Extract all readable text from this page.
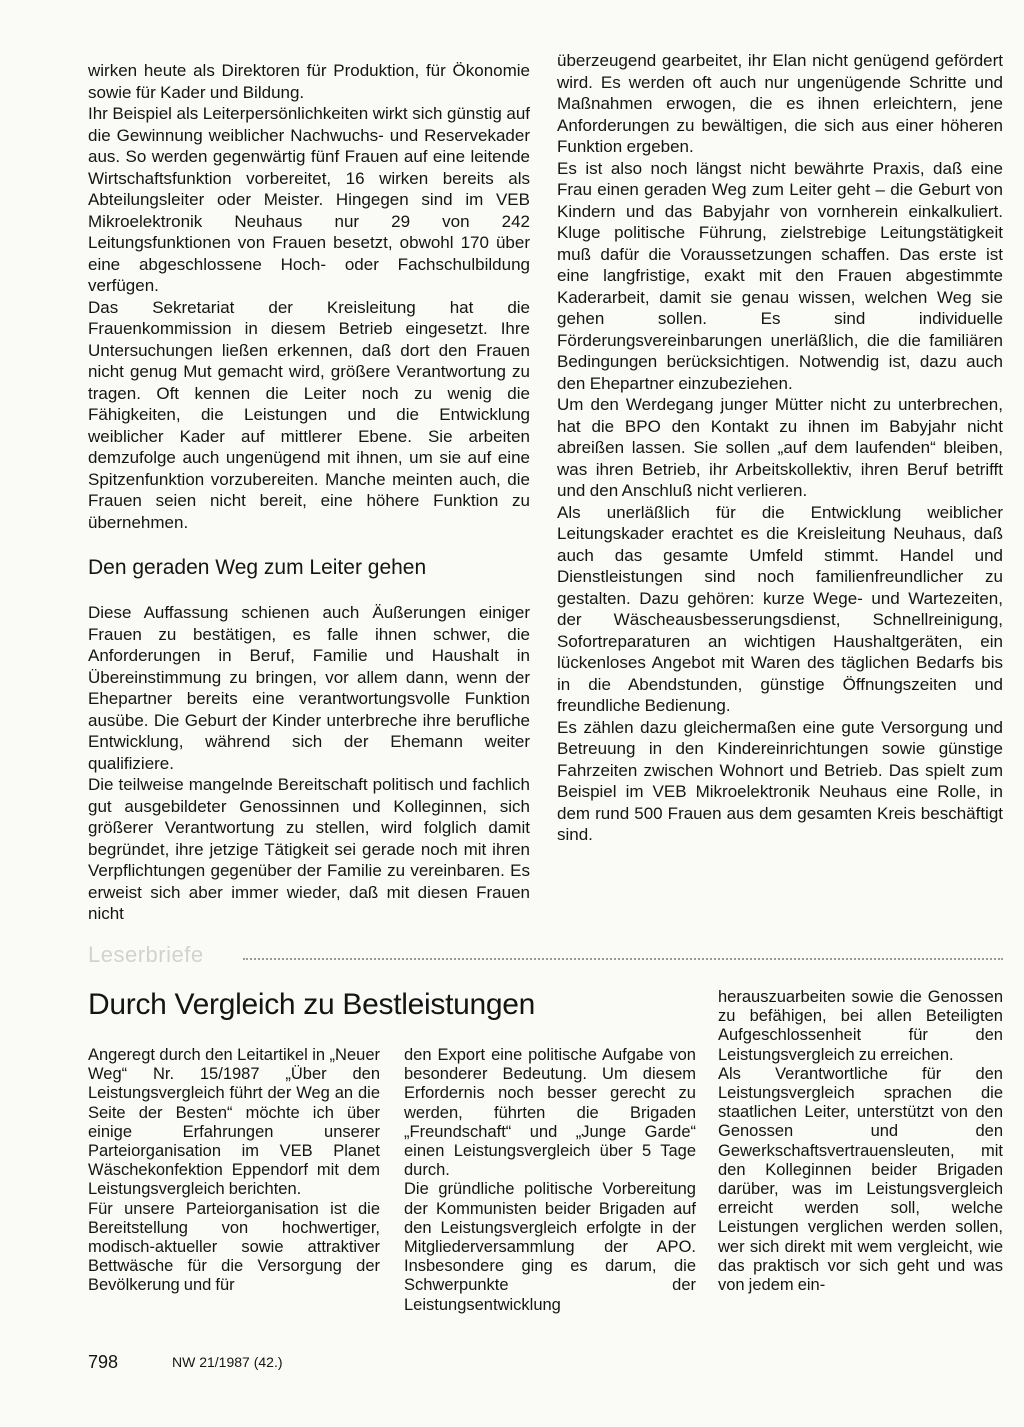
wirken heute als Direktoren für Produktion, für Ökonomie sowie für Kader und Bildung.

Ihr Beispiel als Leiterpersönlichkeiten wirkt sich günstig auf die Gewinnung weiblicher Nachwuchs- und Reservekader aus. So werden gegenwärtig fünf Frauen auf eine leitende Wirtschaftsfunktion vorbereitet, 16 wirken bereits als Abteilungsleiter oder Meister. Hingegen sind im VEB Mikroelektronik Neuhaus nur 29 von 242 Leitungsfunktionen von Frauen besetzt, obwohl 170 über eine abgeschlossene Hoch- oder Fachschulbildung verfügen.

Das Sekretariat der Kreisleitung hat die Frauenkommission in diesem Betrieb eingesetzt. Ihre Untersuchungen ließen erkennen, daß dort den Frauen nicht genug Mut gemacht wird, größere Verantwortung zu tragen. Oft kennen die Leiter noch zu wenig die Fähigkeiten, die Leistungen und die Entwicklung weiblicher Kader auf mittlerer Ebene. Sie arbeiten demzufolge auch ungenügend mit ihnen, um sie auf eine Spitzenfunktion vorzubereiten. Manche meinten auch, die Frauen seien nicht bereit, eine höhere Funktion zu übernehmen.

Den geraden Weg zum Leiter gehen

Diese Auffassung schienen auch Äußerungen einiger Frauen zu bestätigen, es falle ihnen schwer, die Anforderungen in Beruf, Familie und Haushalt in Übereinstimmung zu bringen, vor allem dann, wenn der Ehepartner bereits eine verantwortungsvolle Funktion ausübe. Die Geburt der Kinder unterbreche ihre berufliche Entwicklung, während sich der Ehemann weiter qualifiziere.

Die teilweise mangelnde Bereitschaft politisch und fachlich gut ausgebildeter Genossinnen und Kolleginnen, sich größerer Verantwortung zu stellen, wird folglich damit begründet, ihre jetzige Tätigkeit sei gerade noch mit ihren Verpflichtungen gegenüber der Familie zu vereinbaren. Es erweist sich aber immer wieder, daß mit diesen Frauen nicht

überzeugend gearbeitet, ihr Elan nicht genügend gefördert wird. Es werden oft auch nur ungenügende Schritte und Maßnahmen erwogen, die es ihnen erleichtern, jene Anforderungen zu bewältigen, die sich aus einer höheren Funktion ergeben.

Es ist also noch längst nicht bewährte Praxis, daß eine Frau einen geraden Weg zum Leiter geht – die Geburt von Kindern und das Babyjahr von vornherein einkalkuliert. Kluge politische Führung, zielstrebige Leitungstätigkeit muß dafür die Voraussetzungen schaffen. Das erste ist eine langfristige, exakt mit den Frauen abgestimmte Kaderarbeit, damit sie genau wissen, welchen Weg sie gehen sollen. Es sind individuelle Förderungsvereinbarungen unerläßlich, die die familiären Bedingungen berücksichtigen. Notwendig ist, dazu auch den Ehepartner einzubeziehen.

Um den Werdegang junger Mütter nicht zu unterbrechen, hat die BPO den Kontakt zu ihnen im Babyjahr nicht abreißen lassen. Sie sollen „auf dem laufenden“ bleiben, was ihren Betrieb, ihr Arbeitskollektiv, ihren Beruf betrifft und den Anschluß nicht verlieren.

Als unerläßlich für die Entwicklung weiblicher Leitungskader erachtet es die Kreisleitung Neuhaus, daß auch das gesamte Umfeld stimmt. Handel und Dienstleistungen sind noch familienfreundlicher zu gestalten. Dazu gehören: kurze Wege- und Wartezeiten, der Wäscheausbesserungsdienst, Schnellreinigung, Sofortreparaturen an wichtigen Haushaltgeräten, ein lückenloses Angebot mit Waren des täglichen Bedarfs bis in die Abendstunden, günstige Öffnungszeiten und freundliche Bedienung.

Es zählen dazu gleichermaßen eine gute Versorgung und Betreuung in den Kindereinrichtungen sowie günstige Fahrzeiten zwischen Wohnort und Betrieb. Das spielt zum Beispiel im VEB Mikroelektronik Neuhaus eine Rolle, in dem rund 500 Frauen aus dem gesamten Kreis beschäftigt sind.

Leserbriefe
Durch Vergleich zu Bestleistungen

Angeregt durch den Leitartikel in „Neuer Weg“ Nr. 15/1987 „Über den Leistungsvergleich führt der Weg an die Seite der Besten“ möchte ich über einige Erfahrungen unserer Parteiorganisation im VEB Planet Wäschekonfektion Eppendorf mit dem Leistungsvergleich berichten.

Für unsere Parteiorganisation ist die Bereitstellung von hochwertiger, modisch-aktueller sowie attraktiver Bettwäsche für die Versorgung der Bevölkerung und für

den Export eine politische Aufgabe von besonderer Bedeutung. Um diesem Erfordernis noch besser gerecht zu werden, führten die Brigaden „Freundschaft“ und „Junge Garde“ einen Leistungsvergleich über 5 Tage durch.

Die gründliche politische Vorbereitung der Kommunisten beider Brigaden auf den Leistungsvergleich erfolgte in der Mitgliederversammlung der APO. Insbesondere ging es darum, die Schwerpunkte der Leistungsentwicklung

herauszuarbeiten sowie die Genossen zu befähigen, bei allen Beteiligten Aufgeschlossenheit für den Leistungsvergleich zu erreichen.

Als Verantwortliche für den Leistungsvergleich sprachen die staatlichen Leiter, unterstützt von den Genossen und den Gewerkschaftsvertrauensleuten, mit den Kolleginnen beider Brigaden darüber, was im Leistungsvergleich erreicht werden soll, welche Leistungen verglichen werden sollen, wer sich direkt mit wem vergleicht, wie das praktisch vor sich geht und was von jedem ein-

798	NW 21/1987 (42.)
